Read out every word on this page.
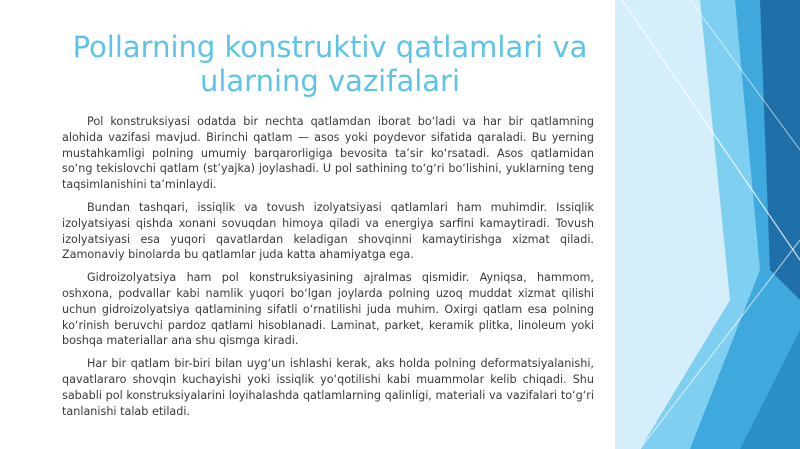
Pollarning konstruktiv qatlamlari va ularning vazifalari

Pol konstruksiyasi odatda bir nechta qatlamdan iborat bo‘ladi va har bir qatlamning alohida vazifasi mavjud. Birinchi qatlam — asos yoki poydevor sifatida qaraladi. Bu yerning mustahkamligi polning umumiy barqarorligiga bevosita ta’sir ko‘rsatadi. Asos qatlamidan so‘ng tekislovchi qatlam (st’yajka) joylashadi. U pol sathining to‘g‘ri bo‘lishini, yuklarning teng taqsimlanishini ta’minlaydi.

Bundan tashqari, issiqlik va tovush izolyatsiyasi qatlamlari ham muhimdir. Issiqlik izolyatsiyasi qishda xonani sovuqdan himoya qiladi va energiya sarfini kamaytiradi. Tovush izolyatsiyasi esa yuqori qavatlardan keladigan shovqinni kamaytirishga xizmat qiladi. Zamonaviy binolarda bu qatlamlar juda katta ahamiyatga ega.

Gidroizolyatsiya ham pol konstruksiyasining ajralmas qismidir. Ayniqsa, hammom, oshxona, podvallar kabi namlik yuqori bo‘lgan joylarda polning uzoq muddat xizmat qilishi uchun gidroizolyatsiya qatlamining sifatli o‘rnatilishi juda muhim. Oxirgi qatlam esa polning ko‘rinish beruvchi pardoz qatlami hisoblanadi. Laminat, parket, keramik plitka, linoleum yoki boshqa materiallar ana shu qismga kiradi.

Har bir qatlam bir-biri bilan uyg‘un ishlashi kerak, aks holda polning deformatsiyalanishi, qavatlararo shovqin kuchayishi yoki issiqlik yo‘qotilishi kabi muammolar kelib chiqadi. Shu sababli pol konstruksiyalarini loyihalashda qatlamlarning qalinligi, materiali va vazifalari to‘g‘ri tanlanishi talab etiladi.
